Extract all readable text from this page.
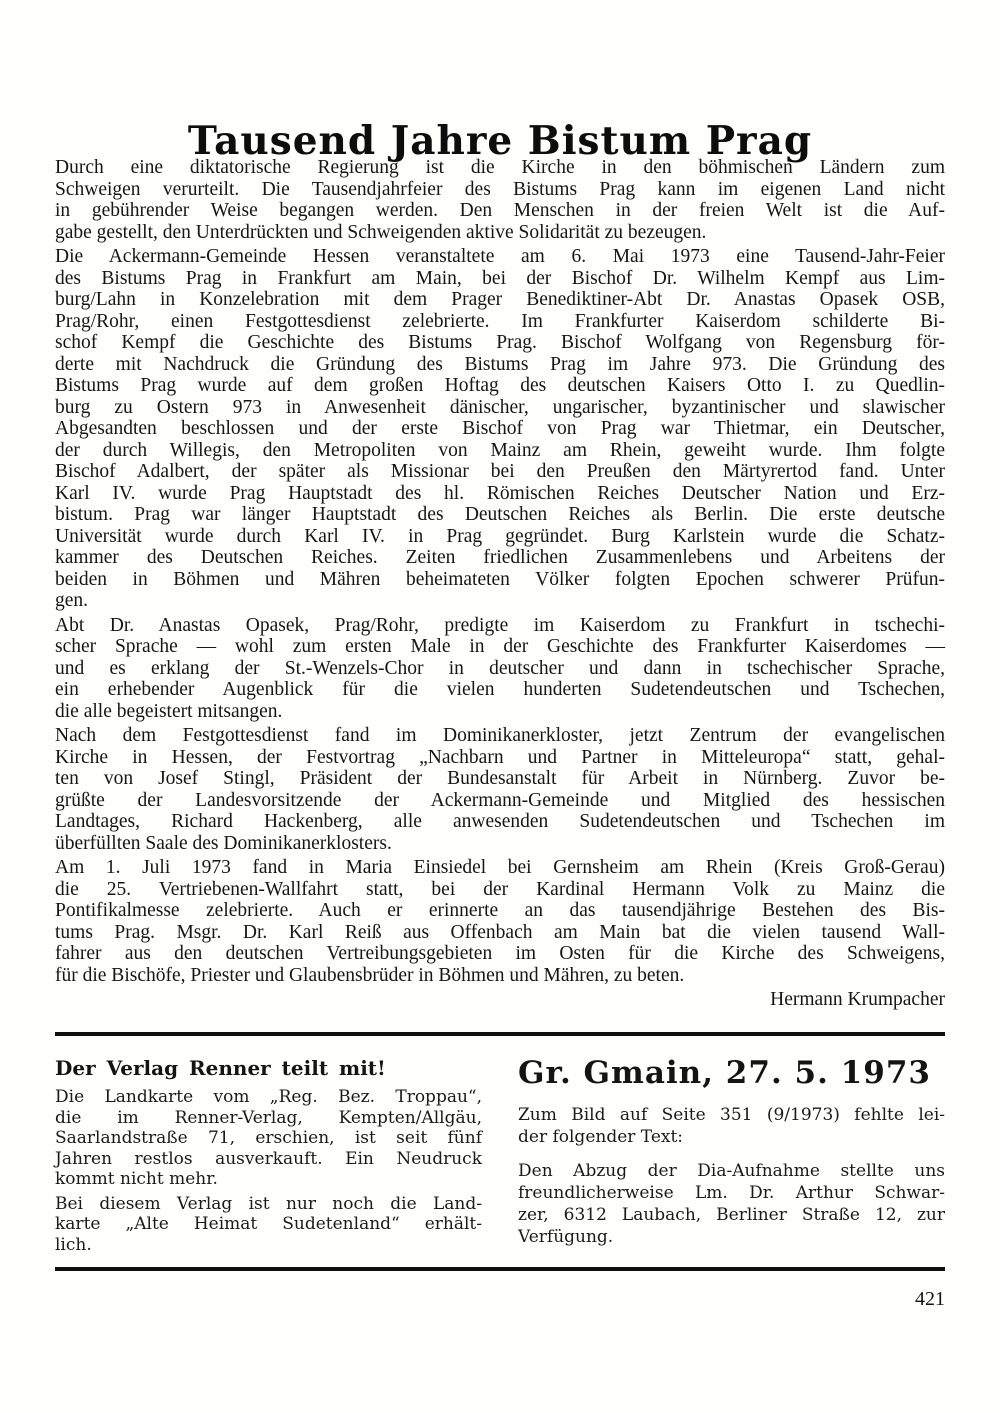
Tausend Jahre Bistum Prag

Durch eine diktatorische Regierung ist die Kirche in den böhmischen Ländern zum
Schweigen verurteilt. Die Tausendjahrfeier des Bistums Prag kann im eigenen Land nicht
in gebührender Weise begangen werden. Den Menschen in der freien Welt ist die Auf-
gabe gestellt, den Unterdrückten und Schweigenden aktive Solidarität zu bezeugen.

Die Ackermann-Gemeinde Hessen veranstaltete am 6. Mai 1973 eine Tausend-Jahr-Feier
des Bistums Prag in Frankfurt am Main, bei der Bischof Dr. Wilhelm Kempf aus Lim-
burg/Lahn in Konzelebration mit dem Prager Benediktiner-Abt Dr. Anastas Opasek OSB,
Prag/Rohr, einen Festgottesdienst zelebrierte. Im Frankfurter Kaiserdom schilderte Bi-
schof Kempf die Geschichte des Bistums Prag. Bischof Wolfgang von Regensburg för-
derte mit Nachdruck die Gründung des Bistums Prag im Jahre 973. Die Gründung des
Bistums Prag wurde auf dem großen Hoftag des deutschen Kaisers Otto I. zu Quedlin-
burg zu Ostern 973 in Anwesenheit dänischer, ungarischer, byzantinischer und slawischer
Abgesandten beschlossen und der erste Bischof von Prag war Thietmar, ein Deutscher,
der durch Willegis, den Metropoliten von Mainz am Rhein, geweiht wurde. Ihm folgte
Bischof Adalbert, der später als Missionar bei den Preußen den Märtyrertod fand. Unter
Karl IV. wurde Prag Hauptstadt des hl. Römischen Reiches Deutscher Nation und Erz-
bistum. Prag war länger Hauptstadt des Deutschen Reiches als Berlin. Die erste deutsche
Universität wurde durch Karl IV. in Prag gegründet. Burg Karlstein wurde die Schatz-
kammer des Deutschen Reiches. Zeiten friedlichen Zusammenlebens und Arbeitens der
beiden in Böhmen und Mähren beheimateten Völker folgten Epochen schwerer Prüfun-
gen.

Abt Dr. Anastas Opasek, Prag/Rohr, predigte im Kaiserdom zu Frankfurt in tschechi-
scher Sprache — wohl zum ersten Male in der Geschichte des Frankfurter Kaiserdomes —
und es erklang der St.-Wenzels-Chor in deutscher und dann in tschechischer Sprache,
ein erhebender Augenblick für die vielen hunderten Sudetendeutschen und Tschechen,
die alle begeistert mitsangen.

Nach dem Festgottesdienst fand im Dominikanerkloster, jetzt Zentrum der evangelischen
Kirche in Hessen, der Festvortrag „Nachbarn und Partner in Mitteleuropa“ statt, gehal-
ten von Josef Stingl, Präsident der Bundesanstalt für Arbeit in Nürnberg. Zuvor be-
grüßte der Landesvorsitzende der Ackermann-Gemeinde und Mitglied des hessischen
Landtages, Richard Hackenberg, alle anwesenden Sudetendeutschen und Tschechen im
überfüllten Saale des Dominikanerklosters.

Am 1. Juli 1973 fand in Maria Einsiedel bei Gernsheim am Rhein (Kreis Groß-Gerau)
die 25. Vertriebenen-Wallfahrt statt, bei der Kardinal Hermann Volk zu Mainz die
Pontifikalmesse zelebrierte. Auch er erinnerte an das tausendjährige Bestehen des Bis-
tums Prag. Msgr. Dr. Karl Reiß aus Offenbach am Main bat die vielen tausend Wall-
fahrer aus den deutschen Vertreibungsgebieten im Osten für die Kirche des Schweigens,
für die Bischöfe, Priester und Glaubensbrüder in Böhmen und Mähren, zu beten.

Hermann Krumpacher
Der Verlag Renner teilt mit!

Die Landkarte vom „Reg. Bez. Troppau“,
die im Renner-Verlag, Kempten/Allgäu,
Saarlandstraße 71, erschien, ist seit fünf
Jahren restlos ausverkauft. Ein Neudruck
kommt nicht mehr.

Bei diesem Verlag ist nur noch die Land-
karte „Alte Heimat Sudetenland“ erhält-
lich.

Gr. Gmain, 27. 5. 1973

Zum Bild auf Seite 351 (9/1973) fehlte lei-
der folgender Text:

Den Abzug der Dia-Aufnahme stellte uns
freundlicherweise Lm. Dr. Arthur Schwar-
zer, 6312 Laubach, Berliner Straße 12, zur
Verfügung.

421
